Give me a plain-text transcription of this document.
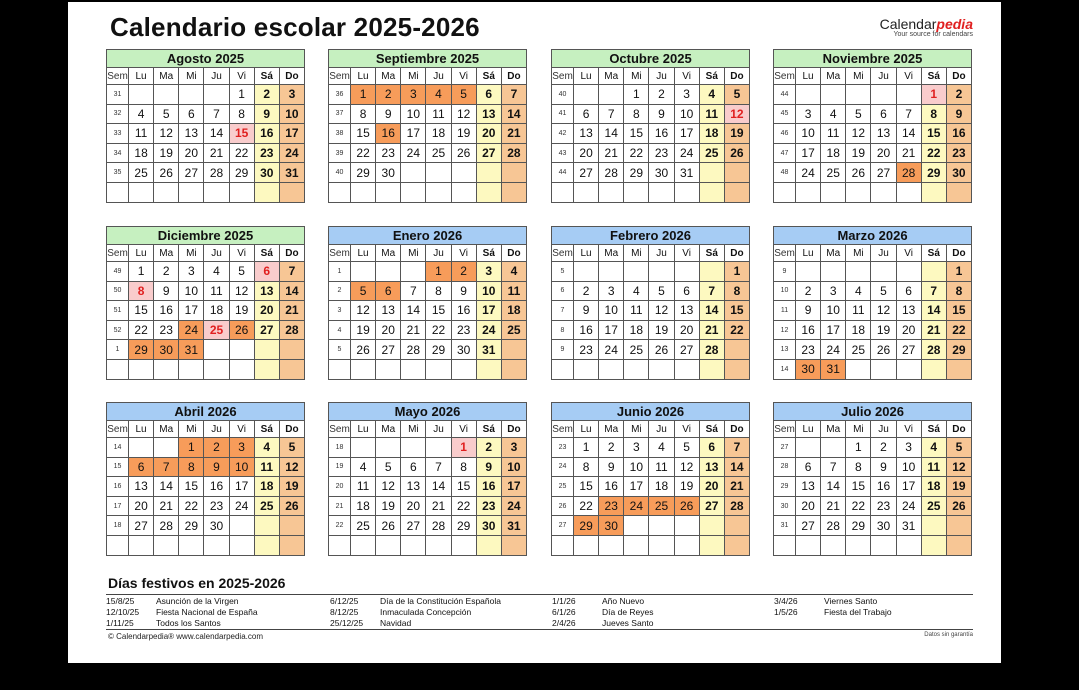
Calendario escolar 2025-2026	Calendarpedia
Your source for calendars
Agosto 2025
Sem	Lu	Ma	Mi	Ju	Vi	Sá	Do
31					1	2	3
32	4	5	6	7	8	9	10
33	11	12	13	14	15	16	17
34	18	19	20	21	22	23	24
35	25	26	27	28	29	30	31

Septiembre 2025
Sem	Lu	Ma	Mi	Ju	Vi	Sá	Do
36	1	2	3	4	5	6	7
37	8	9	10	11	12	13	14
38	15	16	17	18	19	20	21
39	22	23	24	25	26	27	28
40	29	30					

Octubre 2025
Sem	Lu	Ma	Mi	Ju	Vi	Sá	Do
40			1	2	3	4	5
41	6	7	8	9	10	11	12
42	13	14	15	16	17	18	19
43	20	21	22	23	24	25	26
44	27	28	29	30	31		

Noviembre 2025
Sem	Lu	Ma	Mi	Ju	Vi	Sá	Do
44						1	2
45	3	4	5	6	7	8	9
46	10	11	12	13	14	15	16
47	17	18	19	20	21	22	23
48	24	25	26	27	28	29	30

Diciembre 2025
Sem	Lu	Ma	Mi	Ju	Vi	Sá	Do
49	1	2	3	4	5	6	7
50	8	9	10	11	12	13	14
51	15	16	17	18	19	20	21
52	22	23	24	25	26	27	28
1	29	30	31				

Enero 2026
Sem	Lu	Ma	Mi	Ju	Vi	Sá	Do
1				1	2	3	4
2	5	6	7	8	9	10	11
3	12	13	14	15	16	17	18
4	19	20	21	22	23	24	25
5	26	27	28	29	30	31	

Febrero 2026
Sem	Lu	Ma	Mi	Ju	Vi	Sá	Do
5							1
6	2	3	4	5	6	7	8
7	9	10	11	12	13	14	15
8	16	17	18	19	20	21	22
9	23	24	25	26	27	28	

Marzo 2026
Sem	Lu	Ma	Mi	Ju	Vi	Sá	Do
9							1
10	2	3	4	5	6	7	8
11	9	10	11	12	13	14	15
12	16	17	18	19	20	21	22
13	23	24	25	26	27	28	29
14	30	31					
Abril 2026
Sem	Lu	Ma	Mi	Ju	Vi	Sá	Do
14			1	2	3	4	5
15	6	7	8	9	10	11	12
16	13	14	15	16	17	18	19
17	20	21	22	23	24	25	26
18	27	28	29	30			

Mayo 2026
Sem	Lu	Ma	Mi	Ju	Vi	Sá	Do
18					1	2	3
19	4	5	6	7	8	9	10
20	11	12	13	14	15	16	17
21	18	19	20	21	22	23	24
22	25	26	27	28	29	30	31

Junio 2026
Sem	Lu	Ma	Mi	Ju	Vi	Sá	Do
23	1	2	3	4	5	6	7
24	8	9	10	11	12	13	14
25	15	16	17	18	19	20	21
26	22	23	24	25	26	27	28
27	29	30					

Julio 2026
Sem	Lu	Ma	Mi	Ju	Vi	Sá	Do
27			1	2	3	4	5
28	6	7	8	9	10	11	12
29	13	14	15	16	17	18	19
30	20	21	22	23	24	25	26
31	27	28	29	30	31		

Días festivos en 2025-2026
15/8/25	Asunción de la Virgen
12/10/25 Fiesta Nacional de España
1/11/25	Todos los Santos
6/12/25	Día de la Constitución Española
8/12/25	Inmaculada Concepción
25/12/25 Navidad
1/1/26	Año Nuevo
6/1/26	Día de Reyes
2/4/26	Jueves Santo
3/4/26	Viernes Santo
1/5/26	Fiesta del Trabajo
© Calendarpedia® www.calendarpedia.com	Datos sin garantía
